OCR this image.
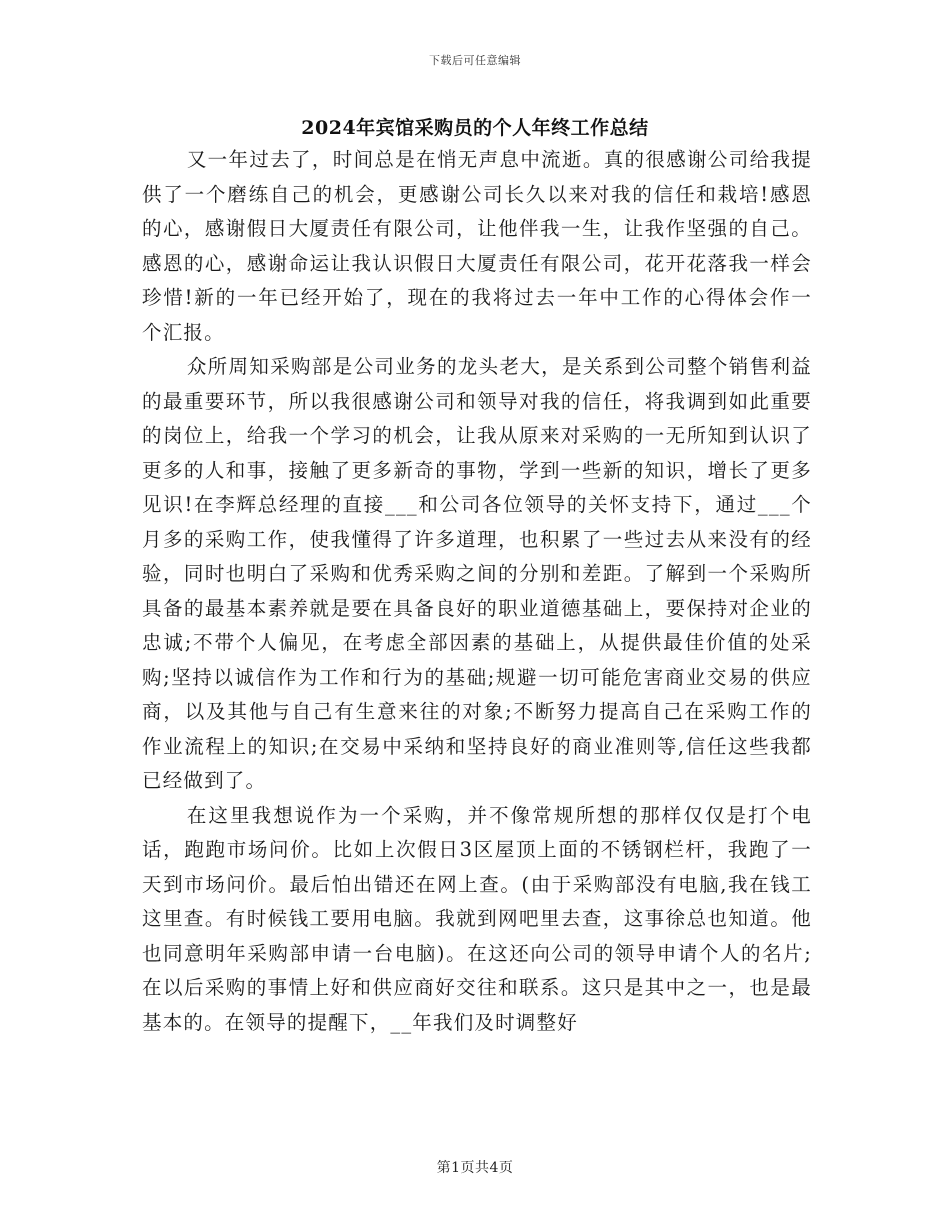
下载后可任意编辑
2024年宾馆采购员的个人年终工作总结

又一年过去了，时间总是在悄无声息中流逝。真的很感谢公司给我提供了一个磨练自己的机会，更感谢公司长久以来对我的信任和栽培!感恩的心，感谢假日大厦责任有限公司，让他伴我一生，让我作坚强的自己。感恩的心，感谢命运让我认识假日大厦责任有限公司，花开花落我一样会珍惜!新的一年已经开始了，现在的我将过去一年中工作的心得体会作一个汇报。

众所周知采购部是公司业务的龙头老大，是关系到公司整个销售利益的最重要环节，所以我很感谢公司和领导对我的信任，将我调到如此重要的岗位上，给我一个学习的机会，让我从原来对采购的一无所知到认识了更多的人和事，接触了更多新奇的事物，学到一些新的知识，增长了更多见识!在李辉总经理的直接___和公司各位领导的关怀支持下，通过___个月多的采购工作，使我懂得了许多道理，也积累了一些过去从来没有的经验，同时也明白了采购和优秀采购之间的分别和差距。了解到一个采购所具备的最基本素养就是要在具备良好的职业道德基础上，要保持对企业的忠诚;不带个人偏见，在考虑全部因素的基础上，从提供最佳价值的处采购;坚持以诚信作为工作和行为的基础;规避一切可能危害商业交易的供应商，以及其他与自己有生意来往的对象;不断努力提高自己在采购工作的作业流程上的知识;在交易中采纳和坚持良好的商业准则等,信任这些我都已经做到了。

在这里我想说作为一个采购，并不像常规所想的那样仅仅是打个电话，跑跑市场问价。比如上次假日3区屋顶上面的不锈钢栏杆，我跑了一天到市场问价。最后怕出错还在网上查。(由于采购部没有电脑,我在钱工这里查。有时候钱工要用电脑。我就到网吧里去查，这事徐总也知道。他也同意明年采购部申请一台电脑)。在这还向公司的领导申请个人的名片;在以后采购的事情上好和供应商好交往和联系。这只是其中之一，也是最基本的。在领导的提醒下，__年我们及时调整好

第1页共4页
